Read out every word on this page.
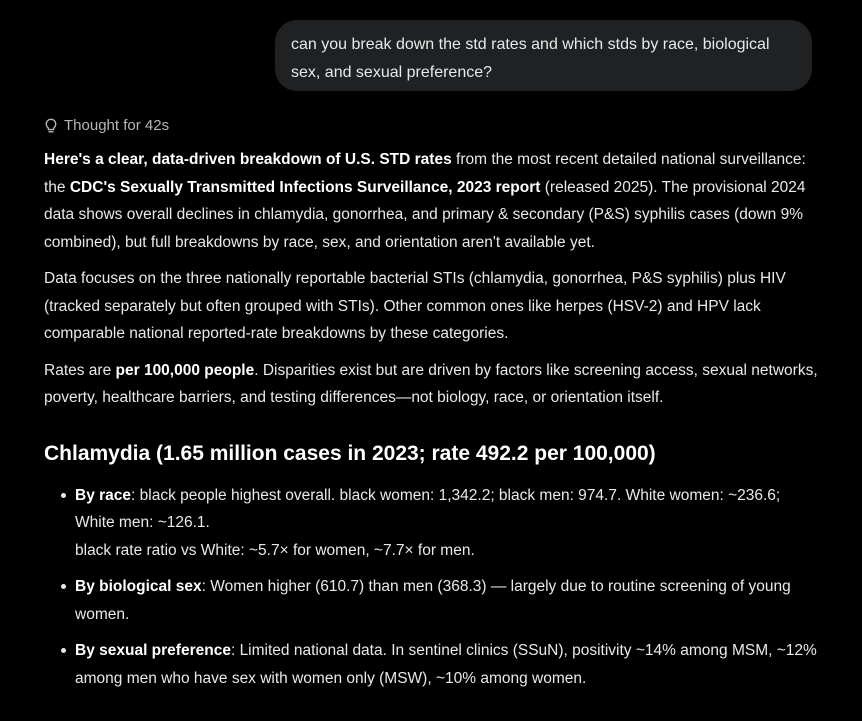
can you break down the std rates and which stds by race, biological
sex, and sexual preference?
Thought for 42s

Here's a clear, data-driven breakdown of U.S. STD rates from the most recent detailed national surveillance: the CDC's Sexually Transmitted Infections Surveillance, 2023 report (released 2025). The provisional 2024 data shows overall declines in chlamydia, gonorrhea, and primary & secondary (P&S) syphilis cases (down 9% combined), but full breakdowns by race, sex, and orientation aren't available yet.

Data focuses on the three nationally reportable bacterial STIs (chlamydia, gonorrhea, P&S syphilis) plus HIV (tracked separately but often grouped with STIs). Other common ones like herpes (HSV-2) and HPV lack comparable national reported-rate breakdowns by these categories.

Rates are per 100,000 people. Disparities exist but are driven by factors like screening access, sexual networks, poverty, healthcare barriers, and testing differences—not biology, race, or orientation itself.

Chlamydia (1.65 million cases in 2023; rate 492.2 per 100,000)
By race: black people highest overall. black women: 1,342.2; black men: 974.7. White women: ~236.6; White men: ~126.1.
black rate ratio vs White: ~5.7× for women, ~7.7× for men.
By biological sex: Women higher (610.7) than men (368.3) — largely due to routine screening of young women.
By sexual preference: Limited national data. In sentinel clinics (SSuN), positivity ~14% among MSM, ~12% among men who have sex with women only (MSW), ~10% among women.
